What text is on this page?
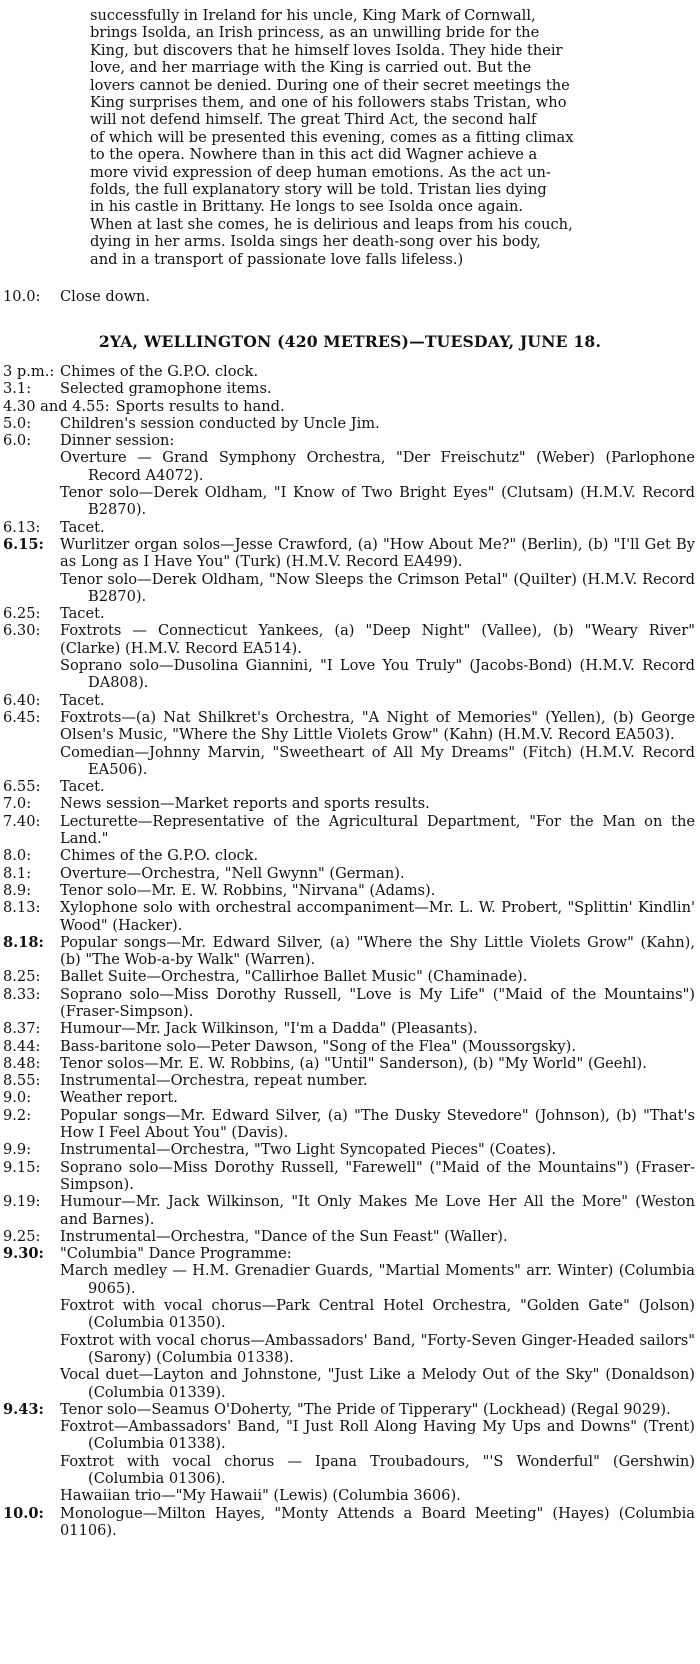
successfully in Ireland for his uncle, King Mark of Cornwall,
brings Isolda, an Irish princess, as an unwilling bride for the
King, but discovers that he himself loves Isolda. They hide their
love, and her marriage with the King is carried out. But the
lovers cannot be denied. During one of their secret meetings the
King surprises them, and one of his followers stabs Tristan, who
will not defend himself. The great Third Act, the second half
of which will be presented this evening, comes as a fitting climax
to the opera. Nowhere than in this act did Wagner achieve a
more vivid expression of deep human emotions. As the act un-
folds, the full explanatory story will be told. Tristan lies dying
in his castle in Brittany. He longs to see Isolda once again.
When at last she comes, he is delirious and leaps from his couch,
dying in her arms. Isolda sings her death-song over his body,
and in a transport of passionate love falls lifeless.)
10.0:	Close down.
2YA, WELLINGTON (420 METRES)—TUESDAY, JUNE 18.
3 p.m.: Chimes of the G.P.O. clock.
3.1:	Selected gramophone items.
4.30 and 4.55: Sports results to hand.
5.0:	Children's session conducted by Uncle Jim.
6.0:	Dinner session:
Overture — Grand Symphony Orchestra, "Der Freischutz" (Weber) (Parlophone Record A4072).
Tenor solo—Derek Oldham, "I Know of Two Bright Eyes" (Clutsam) (H.M.V. Record B2870).
6.13:	Tacet.
6.15:	Wurlitzer organ solos—Jesse Crawford, (a) "How About Me?" (Berlin), (b) "I'll Get By as Long as I Have You" (Turk) (H.M.V. Record EA499).
Tenor solo—Derek Oldham, "Now Sleeps the Crimson Petal" (Quilter) (H.M.V. Record B2870).
6.25:	Tacet.
6.30:	Foxtrots — Connecticut Yankees, (a) "Deep Night" (Vallee), (b) "Weary River" (Clarke) (H.M.V. Record EA514).
Soprano solo—Dusolina Giannini, "I Love You Truly" (Jacobs-Bond) (H.M.V. Record DA808).
6.40:	Tacet.
6.45:	Foxtrots—(a) Nat Shilkret's Orchestra, "A Night of Memories" (Yellen), (b) George Olsen's Music, "Where the Shy Little Violets Grow" (Kahn) (H.M.V. Record EA503).
Comedian—Johnny Marvin, "Sweetheart of All My Dreams" (Fitch) (H.M.V. Record EA506).
6.55:	Tacet.
7.0:	News session—Market reports and sports results.
7.40:	Lecturette—Representative of the Agricultural Department, "For the Man on the Land."
8.0:	Chimes of the G.P.O. clock.
8.1:	Overture—Orchestra, "Nell Gwynn" (German).
8.9:	Tenor solo—Mr. E. W. Robbins, "Nirvana" (Adams).
8.13:	Xylophone solo with orchestral accompaniment—Mr. L. W. Probert, "Splittin' Kindlin' Wood" (Hacker).
8.18:	Popular songs—Mr. Edward Silver, (a) "Where the Shy Little Violets Grow" (Kahn), (b) "The Wob-a-by Walk" (Warren).
8.25:	Ballet Suite—Orchestra, "Callirhoe Ballet Music" (Chaminade).
8.33:	Soprano solo—Miss Dorothy Russell, "Love is My Life" ("Maid of the Mountains") (Fraser-Simpson).
8.37:	Humour—Mr. Jack Wilkinson, "I'm a Dadda" (Pleasants).
8.44:	Bass-baritone solo—Peter Dawson, "Song of the Flea" (Moussorgsky).
8.48:	Tenor solos—Mr. E. W. Robbins, (a) "Until" Sanderson), (b) "My World" (Geehl).
8.55:	Instrumental—Orchestra, repeat number.
9.0:	Weather report.
9.2:	Popular songs—Mr. Edward Silver, (a) "The Dusky Stevedore" (Johnson), (b) "That's How I Feel About You" (Davis).
9.9:	Instrumental—Orchestra, "Two Light Syncopated Pieces" (Coates).
9.15:	Soprano solo—Miss Dorothy Russell, "Farewell" ("Maid of the Mountains") (Fraser-Simpson).
9.19:	Humour—Mr. Jack Wilkinson, "It Only Makes Me Love Her All the More" (Weston and Barnes).
9.25:	Instrumental—Orchestra, "Dance of the Sun Feast" (Waller).
9.30:	"Columbia" Dance Programme:
March medley — H.M. Grenadier Guards, "Martial Moments" arr. Winter) (Columbia 9065).
Foxtrot with vocal chorus—Park Central Hotel Orchestra, "Golden Gate" (Jolson) (Columbia 01350).
Foxtrot with vocal chorus—Ambassadors' Band, "Forty-Seven Ginger-Headed sailors" (Sarony) (Columbia 01338).
Vocal duet—Layton and Johnstone, "Just Like a Melody Out of the Sky" (Donaldson) (Columbia 01339).
9.43:	Tenor solo—Seamus O'Doherty, "The Pride of Tipperary" (Lockhead) (Regal 9029).
Foxtrot—Ambassadors' Band, "I Just Roll Along Having My Ups and Downs" (Trent) (Columbia 01338).
Foxtrot with vocal chorus — Ipana Troubadours, "'S Wonderful" (Gershwin) (Columbia 01306).
Hawaiian trio—"My Hawaii" (Lewis) (Columbia 3606).
10.0:	Monologue—Milton Hayes, "Monty Attends a Board Meeting" (Hayes) (Columbia 01106).
